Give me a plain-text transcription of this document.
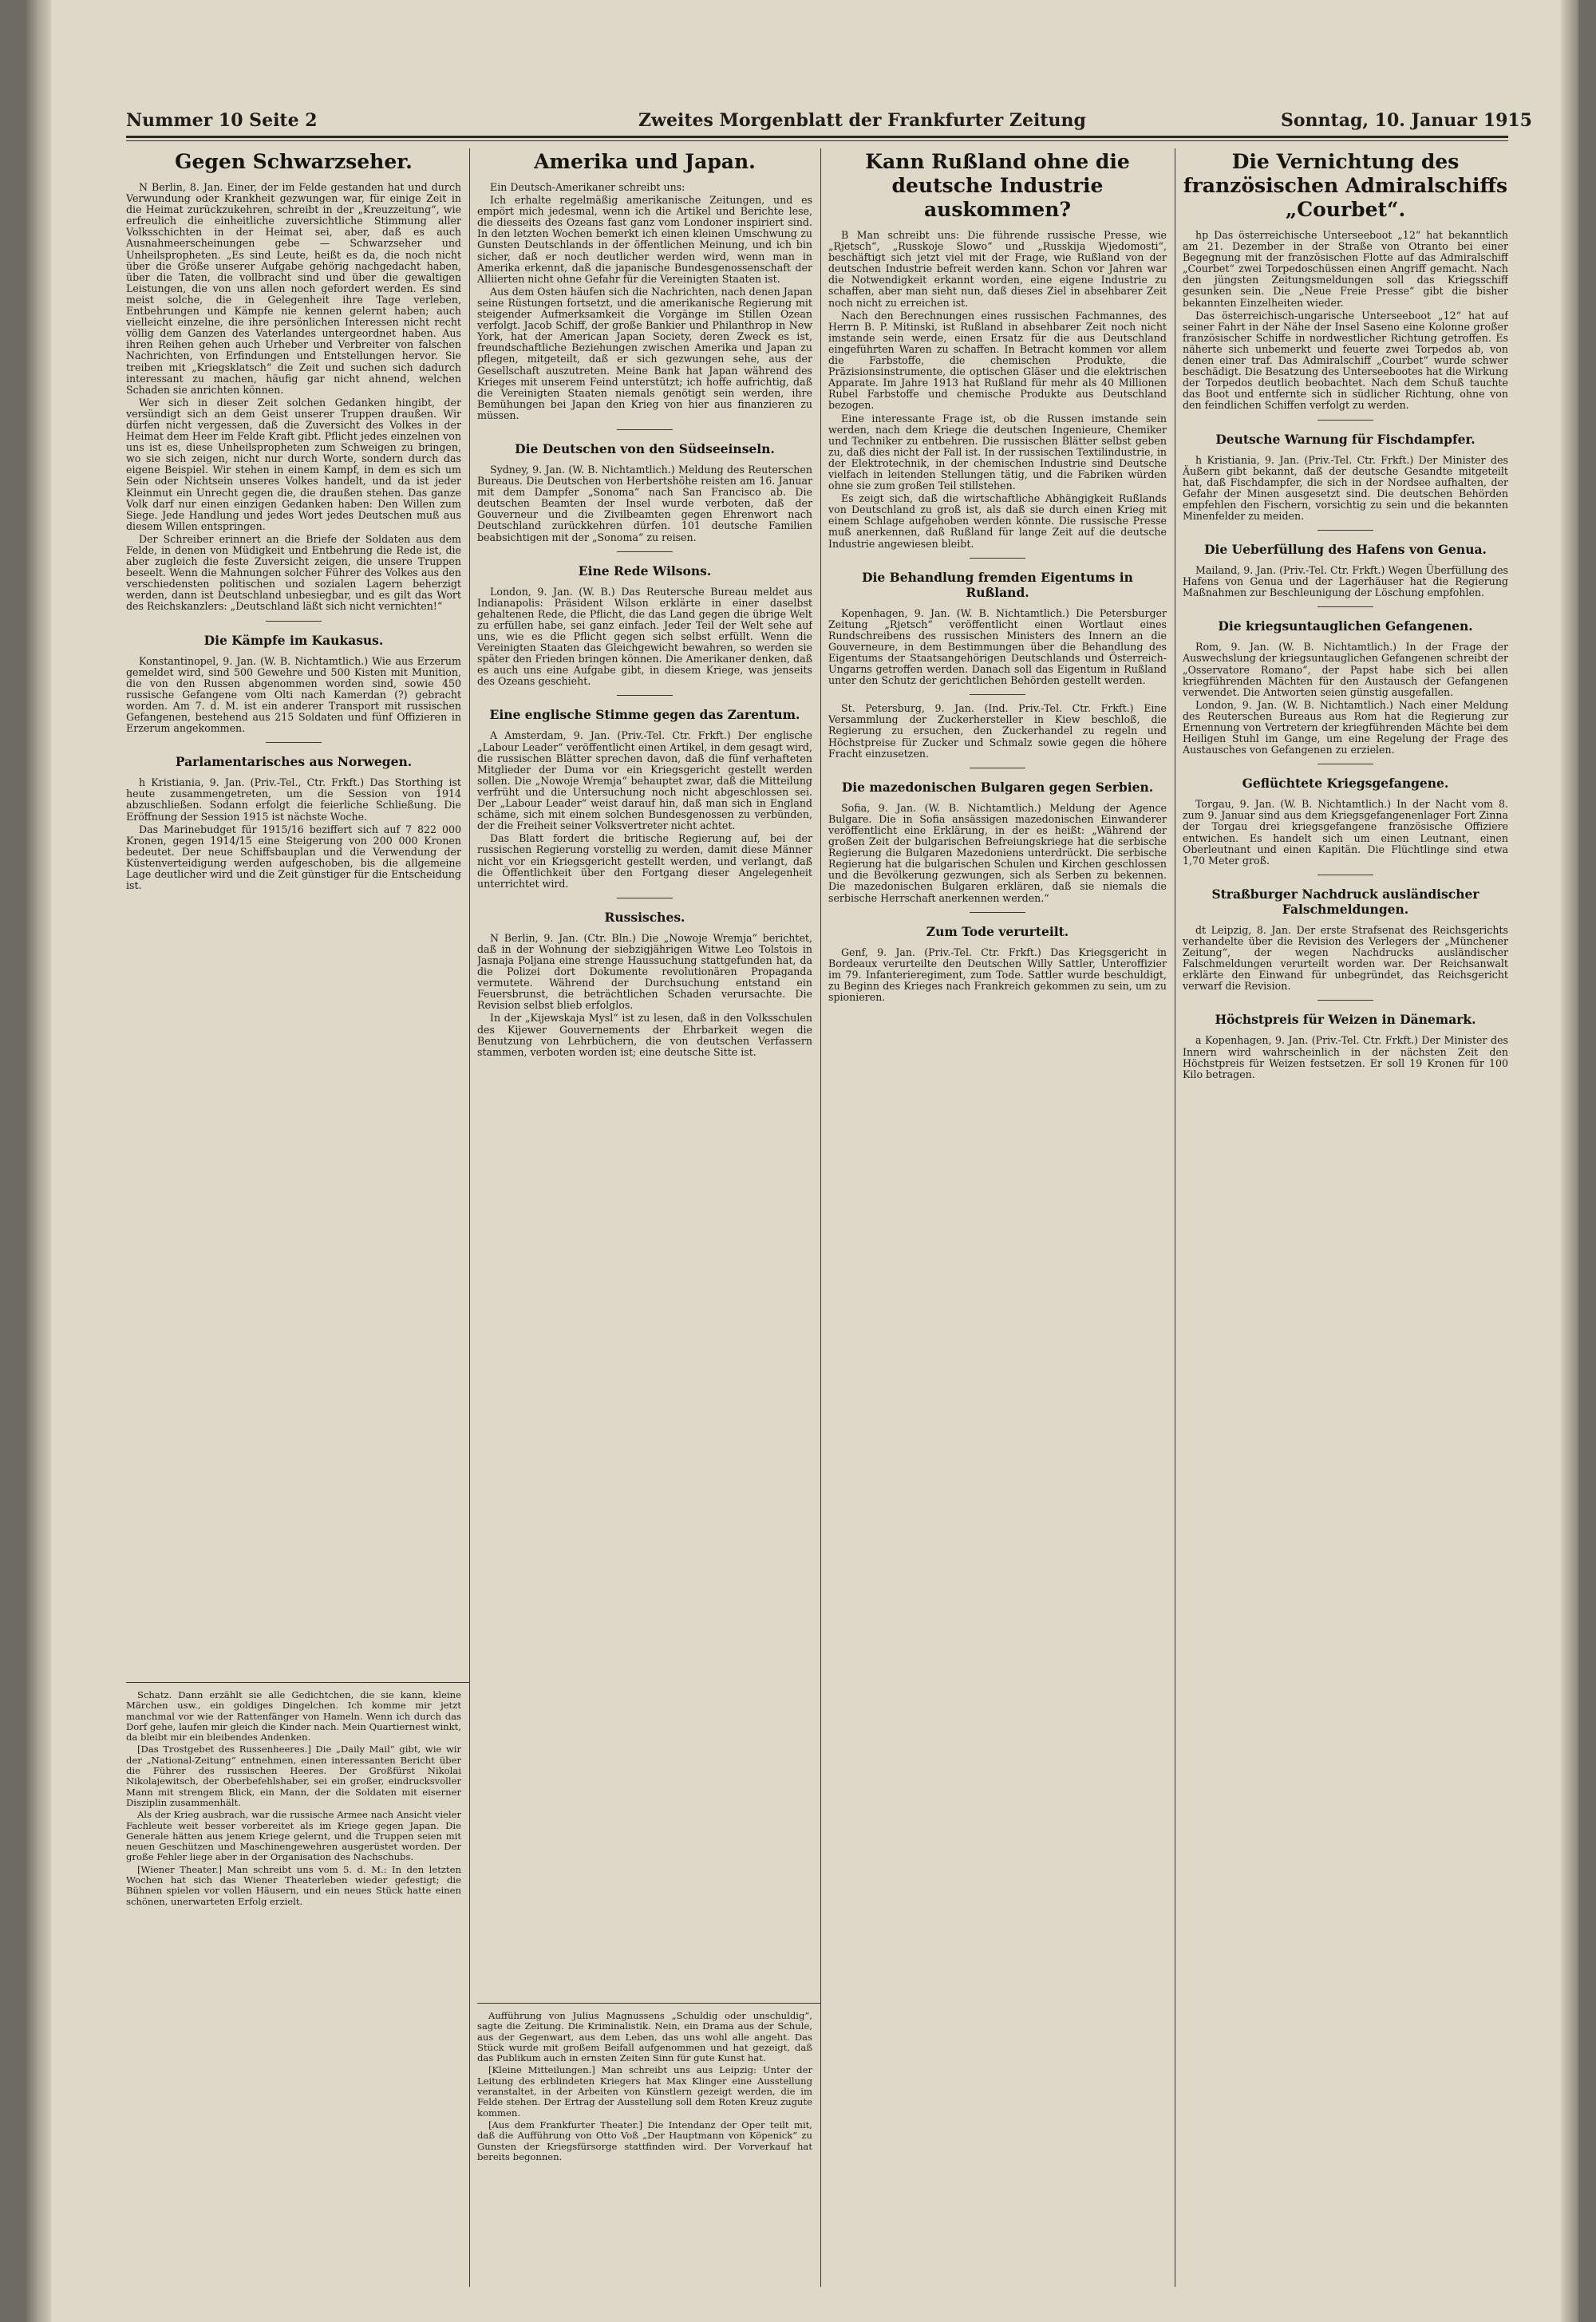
Nummer 10 Seite 2	Zweites Morgenblatt der Frankfurter Zeitung	Sonntag, 10. Januar 1915
Gegen Schwarzseher.

N Berlin, 8. Jan. Einer, der im Felde gestanden hat und durch Verwundung oder Krankheit gezwungen war, für einige Zeit in die Heimat zurückzukehren, schreibt in der „Kreuzzeitung“, wie erfreulich die einheitliche zuversichtliche Stimmung aller Volksschichten in der Heimat sei, aber, daß es auch Ausnahmeerscheinungen gebe — Schwarzseher und Unheilspropheten. „Es sind Leute, heißt es da, die noch nicht über die Größe unserer Aufgabe gehörig nachgedacht haben, über die Taten, die vollbracht sind und über die gewaltigen Leistungen, die von uns allen noch gefordert werden. Es sind meist solche, die in Gelegenheit ihre Tage verleben, Entbehrungen und Kämpfe nie kennen gelernt haben; auch vielleicht einzelne, die ihre persönlichen Interessen nicht recht völlig dem Ganzen des Vaterlandes untergeordnet haben. Aus ihren Reihen gehen auch Urheber und Verbreiter von falschen Nachrichten, von Erfindungen und Entstellungen hervor. Sie treiben mit „Kriegsklatsch“ die Zeit und suchen sich dadurch interessant zu machen, häufig gar nicht ahnend, welchen Schaden sie anrichten können.

Wer sich in dieser Zeit solchen Gedanken hingibt, der versündigt sich an dem Geist unserer Truppen draußen. Wir dürfen nicht vergessen, daß die Zuversicht des Volkes in der Heimat dem Heer im Felde Kraft gibt. Pflicht jedes einzelnen von uns ist es, diese Unheilspropheten zum Schweigen zu bringen, wo sie sich zeigen, nicht nur durch Worte, sondern durch das eigene Beispiel. Wir stehen in einem Kampf, in dem es sich um Sein oder Nichtsein unseres Volkes handelt, und da ist jeder Kleinmut ein Unrecht gegen die, die draußen stehen. Das ganze Volk darf nur einen einzigen Gedanken haben: Den Willen zum Siege. Jede Handlung und jedes Wort jedes Deutschen muß aus diesem Willen entspringen.

Der Schreiber erinnert an die Briefe der Soldaten aus dem Felde, in denen von Müdigkeit und Entbehrung die Rede ist, die aber zugleich die feste Zuversicht zeigen, die unsere Truppen beseelt. Wenn die Mahnungen solcher Führer des Volkes aus den verschiedensten politischen und sozialen Lagern beherzigt werden, dann ist Deutschland unbesiegbar, und es gilt das Wort des Reichskanzlers: „Deutschland läßt sich nicht vernichten!“

Die Kämpfe im Kaukasus.

Konstantinopel, 9. Jan. (W. B. Nichtamtlich.) Wie aus Erzerum gemeldet wird, sind 500 Gewehre und 500 Kisten mit Munition, die von den Russen abgenommen worden sind, sowie 450 russische Gefangene vom Olti nach Kamerdan (?) gebracht worden. Am 7. d. M. ist ein anderer Transport mit russischen Gefangenen, bestehend aus 215 Soldaten und fünf Offizieren in Erzerum angekommen.

Parlamentarisches aus Norwegen.

h Kristiania, 9. Jan. (Priv.-Tel., Ctr. Frkft.) Das Storthing ist heute zusammengetreten, um die Session von 1914 abzuschließen. Sodann erfolgt die feierliche Schließung. Die Eröffnung der Session 1915 ist nächste Woche.

Das Marinebudget für 1915/16 beziffert sich auf 7 822 000 Kronen, gegen 1914/15 eine Steigerung von 200 000 Kronen bedeutet. Der neue Schiffsbauplan und die Verwendung der Küstenverteidigung werden aufgeschoben, bis die allgemeine Lage deutlicher wird und die Zeit günstiger für die Entscheidung ist.

Amerika und Japan.

Ein Deutsch-Amerikaner schreibt uns:

Ich erhalte regelmäßig amerikanische Zeitungen, und es empört mich jedesmal, wenn ich die Artikel und Berichte lese, die diesseits des Ozeans fast ganz vom Londoner inspiriert sind. In den letzten Wochen bemerkt ich einen kleinen Umschwung zu Gunsten Deutschlands in der öffentlichen Meinung, und ich bin sicher, daß er noch deutlicher werden wird, wenn man in Amerika erkennt, daß die japanische Bundesgenossenschaft der Alliierten nicht ohne Gefahr für die Vereinigten Staaten ist.

Aus dem Osten häufen sich die Nachrichten, nach denen Japan seine Rüstungen fortsetzt, und die amerikanische Regierung mit steigender Aufmerksamkeit die Vorgänge im Stillen Ozean verfolgt. Jacob Schiff, der große Bankier und Philanthrop in New York, hat der American Japan Society, deren Zweck es ist, freundschaftliche Beziehungen zwischen Amerika und Japan zu pflegen, mitgeteilt, daß er sich gezwungen sehe, aus der Gesellschaft auszutreten. Meine Bank hat Japan während des Krieges mit unserem Feind unterstützt; ich hoffe aufrichtig, daß die Vereinigten Staaten niemals genötigt sein werden, ihre Bemühungen bei Japan den Krieg von hier aus finanzieren zu müssen.

Die Deutschen von den Südseeinseln.

Sydney, 9. Jan. (W. B. Nichtamtlich.) Meldung des Reuterschen Bureaus. Die Deutschen von Herbertshöhe reisten am 16. Januar mit dem Dampfer „Sonoma“ nach San Francisco ab. Die deutschen Beamten der Insel wurde verboten, daß der Gouverneur und die Zivilbeamten gegen Ehrenwort nach Deutschland zurückkehren dürfen. 101 deutsche Familien beabsichtigen mit der „Sonoma“ zu reisen.

Eine Rede Wilsons.

London, 9. Jan. (W. B.) Das Reutersche Bureau meldet aus Indianapolis: Präsident Wilson erklärte in einer daselbst gehaltenen Rede, die Pflicht, die das Land gegen die übrige Welt zu erfüllen habe, sei ganz einfach. Jeder Teil der Welt sehe auf uns, wie es die Pflicht gegen sich selbst erfüllt. Wenn die Vereinigten Staaten das Gleichgewicht bewahren, so werden sie später den Frieden bringen können. Die Amerikaner denken, daß es auch uns eine Aufgabe gibt, in diesem Kriege, was jenseits des Ozeans geschieht.

Eine englische Stimme gegen das Zarentum.

A Amsterdam, 9. Jan. (Priv.-Tel. Ctr. Frkft.) Der englische „Labour Leader“ veröffentlicht einen Artikel, in dem gesagt wird, die russischen Blätter sprechen davon, daß die fünf verhafteten Mitglieder der Duma vor ein Kriegsgericht gestellt werden sollen. Die „Nowoje Wremja“ behauptet zwar, daß die Mitteilung verfrüht und die Untersuchung noch nicht abgeschlossen sei. Der „Labour Leader“ weist darauf hin, daß man sich in England schäme, sich mit einem solchen Bundesgenossen zu verbünden, der die Freiheit seiner Volksvertreter nicht achtet.

Das Blatt fordert die britische Regierung auf, bei der russischen Regierung vorstellig zu werden, damit diese Männer nicht vor ein Kriegsgericht gestellt werden, und verlangt, daß die Öffentlichkeit über den Fortgang dieser Angelegenheit unterrichtet wird.

Russisches.

N Berlin, 9. Jan. (Ctr. Bln.) Die „Nowoje Wremja“ berichtet, daß in der Wohnung der siebzigjährigen Witwe Leo Tolstois in Jasnaja Poljana eine strenge Haussuchung stattgefunden hat, da die Polizei dort Dokumente revolutionären Propaganda vermutete. Während der Durchsuchung entstand ein Feuersbrunst, die beträchtlichen Schaden verursachte. Die Revision selbst blieb erfolglos.

In der „Kijewskaja Mysl“ ist zu lesen, daß in den Volksschulen des Kijewer Gouvernements der Ehrbarkeit wegen die Benutzung von Lehrbüchern, die von deutschen Verfassern stammen, verboten worden ist; eine deutsche Sitte ist.

Kann Rußland ohne die deutsche Industrie auskommen?

B Man schreibt uns: Die führende russische Presse, wie „Rjetsch“, „Russkoje Slowo“ und „Russkija Wjedomosti“, beschäftigt sich jetzt viel mit der Frage, wie Rußland von der deutschen Industrie befreit werden kann. Schon vor Jahren war die Notwendigkeit erkannt worden, eine eigene Industrie zu schaffen, aber man sieht nun, daß dieses Ziel in absehbarer Zeit noch nicht zu erreichen ist.

Nach den Berechnungen eines russischen Fachmannes, des Herrn B. P. Mitinski, ist Rußland in absehbarer Zeit noch nicht imstande sein werde, einen Ersatz für die aus Deutschland eingeführten Waren zu schaffen. In Betracht kommen vor allem die Farbstoffe, die chemischen Produkte, die Präzisionsinstrumente, die optischen Gläser und die elektrischen Apparate. Im Jahre 1913 hat Rußland für mehr als 40 Millionen Rubel Farbstoffe und chemische Produkte aus Deutschland bezogen.

Eine interessante Frage ist, ob die Russen imstande sein werden, nach dem Kriege die deutschen Ingenieure, Chemiker und Techniker zu entbehren. Die russischen Blätter selbst geben zu, daß dies nicht der Fall ist. In der russischen Textilindustrie, in der Elektrotechnik, in der chemischen Industrie sind Deutsche vielfach in leitenden Stellungen tätig, und die Fabriken würden ohne sie zum großen Teil stillstehen.

Es zeigt sich, daß die wirtschaftliche Abhängigkeit Rußlands von Deutschland zu groß ist, als daß sie durch einen Krieg mit einem Schlage aufgehoben werden könnte. Die russische Presse muß anerkennen, daß Rußland für lange Zeit auf die deutsche Industrie angewiesen bleibt.

Die Behandlung fremden Eigentums in Rußland.

Kopenhagen, 9. Jan. (W. B. Nichtamtlich.) Die Petersburger Zeitung „Rjetsch“ veröffentlicht einen Wortlaut eines Rundschreibens des russischen Ministers des Innern an die Gouverneure, in dem Bestimmungen über die Behandlung des Eigentums der Staatsangehörigen Deutschlands und Österreich-Ungarns getroffen werden. Danach soll das Eigentum in Rußland unter den Schutz der gerichtlichen Behörden gestellt werden.

St. Petersburg, 9. Jan. (Ind. Priv.-Tel. Ctr. Frkft.) Eine Versammlung der Zuckerhersteller in Kiew beschloß, die Regierung zu ersuchen, den Zuckerhandel zu regeln und Höchstpreise für Zucker und Schmalz sowie gegen die höhere Fracht einzusetzen.

Die mazedonischen Bulgaren gegen Serbien.

Sofia, 9. Jan. (W. B. Nichtamtlich.) Meldung der Agence Bulgare. Die in Sofia ansässigen mazedonischen Einwanderer veröffentlicht eine Erklärung, in der es heißt: „Während der großen Zeit der bulgarischen Befreiungskriege hat die serbische Regierung die Bulgaren Mazedoniens unterdrückt. Die serbische Regierung hat die bulgarischen Schulen und Kirchen geschlossen und die Bevölkerung gezwungen, sich als Serben zu bekennen. Die mazedonischen Bulgaren erklären, daß sie niemals die serbische Herrschaft anerkennen werden.“

Zum Tode verurteilt.

Genf, 9. Jan. (Priv.-Tel. Ctr. Frkft.) Das Kriegsgericht in Bordeaux verurteilte den Deutschen Willy Sattler, Unteroffizier im 79. Infanterieregiment, zum Tode. Sattler wurde beschuldigt, zu Beginn des Krieges nach Frankreich gekommen zu sein, um zu spionieren.

Die Vernichtung des französischen Admiralschiffs „Courbet“.

hp Das österreichische Unterseeboot „12“ hat bekanntlich am 21. Dezember in der Straße von Otranto bei einer Begegnung mit der französischen Flotte auf das Admiralschiff „Courbet“ zwei Torpedoschüssen einen Angriff gemacht. Nach den jüngsten Zeitungsmeldungen soll das Kriegsschiff gesunken sein. Die „Neue Freie Presse“ gibt die bisher bekannten Einzelheiten wieder.

Das österreichisch-ungarische Unterseeboot „12“ hat auf seiner Fahrt in der Nähe der Insel Saseno eine Kolonne großer französischer Schiffe in nordwestlicher Richtung getroffen. Es näherte sich unbemerkt und feuerte zwei Torpedos ab, von denen einer traf. Das Admiralschiff „Courbet“ wurde schwer beschädigt. Die Besatzung des Unterseebootes hat die Wirkung der Torpedos deutlich beobachtet. Nach dem Schuß tauchte das Boot und entfernte sich in südlicher Richtung, ohne von den feindlichen Schiffen verfolgt zu werden.

Deutsche Warnung für Fischdampfer.

h Kristiania, 9. Jan. (Priv.-Tel. Ctr. Frkft.) Der Minister des Äußern gibt bekannt, daß der deutsche Gesandte mitgeteilt hat, daß Fischdampfer, die sich in der Nordsee aufhalten, der Gefahr der Minen ausgesetzt sind. Die deutschen Behörden empfehlen den Fischern, vorsichtig zu sein und die bekannten Minenfelder zu meiden.

Die Ueberfüllung des Hafens von Genua.

Mailand, 9. Jan. (Priv.-Tel. Ctr. Frkft.) Wegen Überfüllung des Hafens von Genua und der Lagerhäuser hat die Regierung Maßnahmen zur Beschleunigung der Löschung empfohlen.

Die kriegsuntauglichen Gefangenen.

Rom, 9. Jan. (W. B. Nichtamtlich.) In der Frage der Auswechslung der kriegsuntauglichen Gefangenen schreibt der „Osservatore Romano“, der Papst habe sich bei allen kriegführenden Mächten für den Austausch der Gefangenen verwendet. Die Antworten seien günstig ausgefallen.

London, 9. Jan. (W. B. Nichtamtlich.) Nach einer Meldung des Reuterschen Bureaus aus Rom hat die Regierung zur Ernennung von Vertretern der kriegführenden Mächte bei dem Heiligen Stuhl im Gange, um eine Regelung der Frage des Austausches von Gefangenen zu erzielen.

Geflüchtete Kriegsgefangene.

Torgau, 9. Jan. (W. B. Nichtamtlich.) In der Nacht vom 8. zum 9. Januar sind aus dem Kriegsgefangenenlager Fort Zinna der Torgau drei kriegsgefangene französische Offiziere entwichen. Es handelt sich um einen Leutnant, einen Oberleutnant und einen Kapitän. Die Flüchtlinge sind etwa 1,70 Meter groß.

Straßburger Nachdruck ausländischer Falschmeldungen.

dt Leipzig, 8. Jan. Der erste Strafsenat des Reichsgerichts verhandelte über die Revision des Verlegers der „Münchener Zeitung“, der wegen Nachdrucks ausländischer Falschmeldungen verurteilt worden war. Der Reichsanwalt erklärte den Einwand für unbegründet, das Reichsgericht verwarf die Revision.

Höchstpreis für Weizen in Dänemark.

a Kopenhagen, 9. Jan. (Priv.-Tel. Ctr. Frkft.) Der Minister des Innern wird wahrscheinlich in der nächsten Zeit den Höchstpreis für Weizen festsetzen. Er soll 19 Kronen für 100 Kilo betragen.

Schatz. Dann erzählt sie alle Gedichtchen, die sie kann, kleine Märchen usw., ein goldiges Dingelchen. Ich komme mir jetzt manchmal vor wie der Rattenfänger von Hameln. Wenn ich durch das Dorf gehe, laufen mir gleich die Kinder nach. Mein Quartiernest winkt, da bleibt mir ein bleibendes Andenken.

[Das Trostgebet des Russenheeres.] Die „Daily Mail“ gibt, wie wir der „National-Zeitung“ entnehmen, einen interessanten Bericht über die Führer des russischen Heeres. Der Großfürst Nikolai Nikolajewitsch, der Oberbefehlshaber, sei ein großer, eindrucksvoller Mann mit strengem Blick, ein Mann, der die Soldaten mit eiserner Disziplin zusammenhält.

Als der Krieg ausbrach, war die russische Armee nach Ansicht vieler Fachleute weit besser vorbereitet als im Kriege gegen Japan. Die Generale hätten aus jenem Kriege gelernt, und die Truppen seien mit neuen Geschützen und Maschinengewehren ausgerüstet worden. Der große Fehler liege aber in der Organisation des Nachschubs.

[Wiener Theater.] Man schreibt uns vom 5. d. M.: In den letzten Wochen hat sich das Wiener Theaterleben wieder gefestigt; die Bühnen spielen vor vollen Häusern, und ein neues Stück hatte einen schönen, unerwarteten Erfolg erzielt.

Aufführung von Julius Magnussens „Schuldig oder unschuldig“, sagte die Zeitung. Die Kriminalistik. Nein, ein Drama aus der Schule, aus der Gegenwart, aus dem Leben, das uns wohl alle angeht. Das Stück wurde mit großem Beifall aufgenommen und hat gezeigt, daß das Publikum auch in ernsten Zeiten Sinn für gute Kunst hat.

[Kleine Mitteilungen.] Man schreibt uns aus Leipzig: Unter der Leitung des erblindeten Kriegers hat Max Klinger eine Ausstellung veranstaltet, in der Arbeiten von Künstlern gezeigt werden, die im Felde stehen. Der Ertrag der Ausstellung soll dem Roten Kreuz zugute kommen.

[Aus dem Frankfurter Theater.] Die Intendanz der Oper teilt mit, daß die Aufführung von Otto Voß „Der Hauptmann von Köpenick“ zu Gunsten der Kriegsfürsorge stattfinden wird. Der Vorverkauf hat bereits begonnen.
